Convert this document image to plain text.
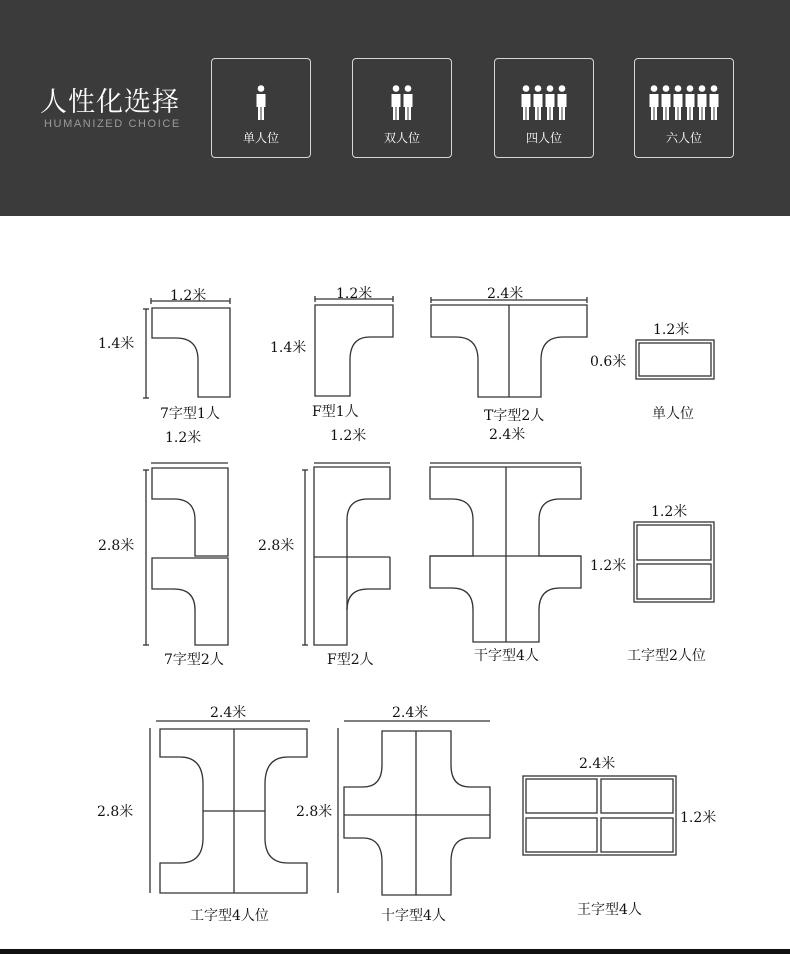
人性化选择
HUMANIZED CHOICE
单人位	双人位	四人位	六人位
1.2米
1.4米
7字型1人
1.2米
1.4米
F型1人
2.4米
T字型2人
1.2米
0.6米
单人位
1.2米
2.8米
7字型2人
1.2米
2.8米
F型2人
2.4米
干字型4人
1.2米
1.2米
工字型2人位
2.4米
2.8米
工字型4人位
2.4米
2.8米
十字型4人
2.4米
1.2米
王字型4人
